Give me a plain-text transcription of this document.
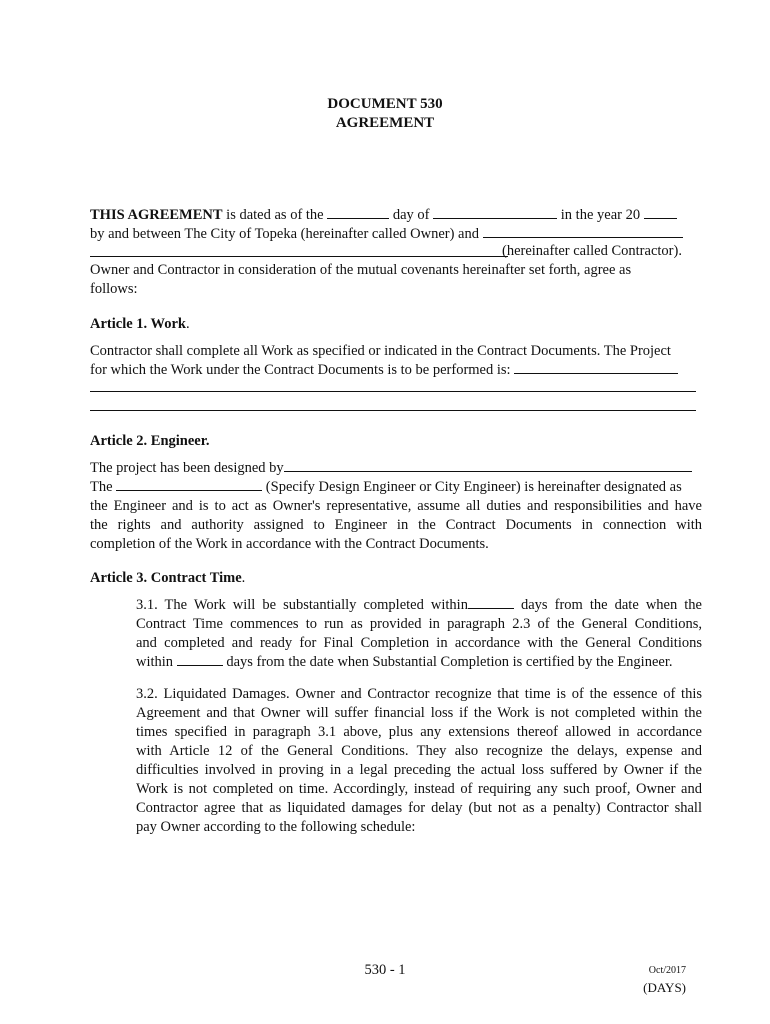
DOCUMENT 530
AGREEMENT
THIS AGREEMENT is dated as of the	day of	in the year 20
by and between The City of Topeka (hereinafter called Owner) and
(hereinafter called Contractor).
Owner and Contractor in consideration of the mutual covenants hereinafter set forth, agree as
follows:
Article 1. Work.
Contractor shall complete all Work as specified or indicated in the Contract Documents. The Project
for which the Work under the Contract Documents is to be performed is:
Article 2. Engineer.
The project has been designed by
The	(Specify Design Engineer or City Engineer) is hereinafter designated as
the Engineer and is to act as Owner's representative, assume all duties and responsibilities and have
the rights and authority assigned to Engineer in the Contract Documents in connection with
completion of the Work in accordance with the Contract Documents.
Article 3. Contract Time.
3.1. The Work will be substantially completed within	days from the date when the
Contract Time commences to run as provided in paragraph 2.3 of the General Conditions,
and completed and ready for Final Completion in accordance with the General Conditions
within	days from the date when Substantial Completion is certified by the Engineer.
3.2. Liquidated Damages. Owner and Contractor recognize that time is of the essence of this
Agreement and that Owner will suffer financial loss if the Work is not completed within the
times specified in paragraph 3.1 above, plus any extensions thereof allowed in accordance
with Article 12 of the General Conditions. They also recognize the delays, expense and
difficulties involved in proving in a legal preceding the actual loss suffered by Owner if the
Work is not completed on time. Accordingly, instead of requiring any such proof, Owner and
Contractor agree that as liquidated damages for delay (but not as a penalty) Contractor shall
pay Owner according to the following schedule:
530 - 1	Oct/2017
(DAYS)
